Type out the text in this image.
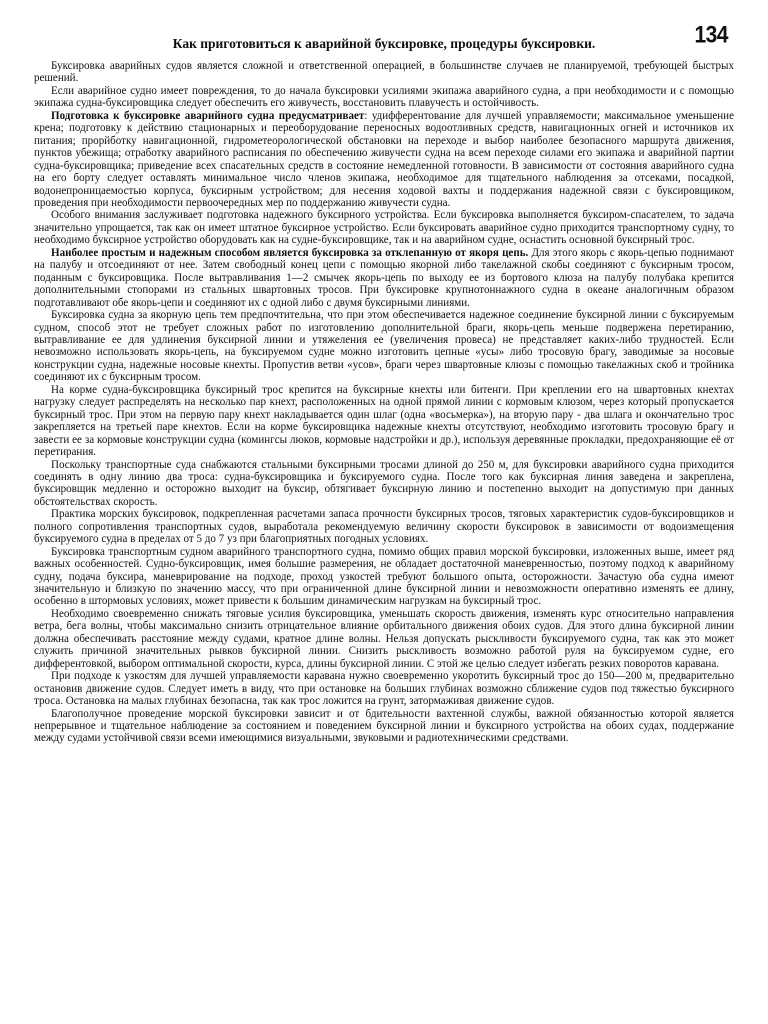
134
Как приготовиться к аварийной буксировке, процедуры буксировки.

Буксировка аварийных судов является сложной и ответственной операцией, в большинстве случаев не планируемой, требующей быстрых решений.

Если аварийное судно имеет повреждения, то до начала буксировки усилиями экипажа аварийного судна, а при необходимости и с помощью экипажа судна-буксировщика следует обеспечить его живучесть, восстановить плавучесть и остойчивость.

Подготовка к буксировке аварийного судна предусматривает: удифферентование для лучшей управляемости; максимальное уменьшение крена; подготовку к действию стационарных и переоборудование переносных водоотливных средств, навигационных огней и источников их питания; прорйботку навигационной, гидрометеорологической обстановки на переходе и выбор наиболее безопасного маршрута движения, пунктов убежища; отработку аварийного расписания по обеспечению живучести судна на всем переходе силами его экипажа и аварийной партии судна-буксировщика; приведение всех спасательных средств в состояние немедленной готовности. В зависимости от состояния аварийного судна на его борту следует оставлять минимальное число членов экипажа, необходимое для тщательного наблюдения за отсеками, посадкой, водонепроницаемостью корпуса, буксирным устройством; для несения ходовой вахты и поддержания надежной связи с буксировщиком, проведения при необходимости первоочередных мер по поддержанию живучести судна.

Особого внимания заслуживает подготовка надежного буксирного устройства. Если буксировка выполняется буксиром-спасателем, то задача значительно упрощается, так как он имеет штатное буксирное устройство. Если буксировать аварийное судно приходится транспортному судну, то необходимо буксирное устройство оборудовать как на судне-буксировщике, так и на аварийном судне, оснастить основной буксирный трос.

Наиболее простым и надежным способом является буксировка за отклепанную от якоря цепь. Для этого якорь с якорь-цепью поднимают на палубу и отсоединяют от нее. Затем свободный конец цепи с помощью якорной либо такелажной скобы соединяют с буксирным тросом, поданным с буксировщика. После вытравливания 1—2 смычек якорь-цепь по выходу ее из бортового клюза на палубу полубака крепится дополнительными стопорами из стальных швартовных тросов. При буксировке крупнотоннажного судна в океане аналогичным образом подготавливают обе якорь-цепи и соединяют их с одной либо с двумя буксирными линиями.

Буксировка судна за якорную цепь тем предпочтительна, что при этом обеспечивается надежное соединение буксирной линии с буксируемым судном, способ этот не требует сложных работ по изготовлению дополнительной браги, якорь-цепь меньше подвержена перетиранию, вытравливание ее для удлинения буксирной линии и утяжеления ее (увеличения провеса) не представляет каких-либо трудностей. Если невозможно использовать якорь-цепь, на буксируемом судне можно изготовить цепные «усы» либо тросовую брагу, заводимые за носовые конструкции судна, надежные носовые кнехты. Пропустив ветви «усов», браги через швартовные клюзы с помощью такелажных скоб и тройника соединяют их с буксирным тросом.

На корме судна-буксировщика буксирный трос крепится на буксирные кнехты или битенги. При креплении его на швартовных кнехтах нагрузку следует распределять на несколько пар кнехт, расположенных на одной прямой линии с кормовым клюзом, через который пропускается буксирный трос. При этом на первую пару кнехт накладывается один шлаг (одна «восьмерка»), на вторую пару - два шлага и окончательно трос закрепляется на третьей паре кнехтов. Если на корме буксировщика надежные кнехты отсутствуют, необходимо изготовить тросовую брагу и завести ее за кормовые конструкции судна (комингсы люков, кормовые надстройки и др.), используя деревянные прокладки, предохраняющие её от перетирания.

Поскольку транспортные суда снабжаются стальными буксирными тросами длиной до 250 м, для буксировки аварийного судна приходится соединять в одну линию два троса: судна-буксировщика и буксируемого судна. После того как буксирная линия заведена и закреплена, буксировщик медленно и осторожно выходит на буксир, обтягивает буксирную линию и постепенно выходит на допустимую при данных обстоятельствах скорость.

Практика морских буксировок, подкрепленная расчетами запаса прочности буксирных тросов, тяговых характеристик судов-буксировщиков и полного сопротивления транспортных судов, выработала рекомендуемую величину скорости буксировок в зависимости от водоизмещения буксируемого судна в пределах от 5 до 7 уз при благоприятных погодных условиях.

Буксировка транспортным судном аварийного транспортного судна, помимо общих правил морской буксировки, изложенных выше, имеет ряд важных особенностей. Судно-буксировщик, имея большие размерения, не обладает достаточной маневренностью, поэтому подход к аварийному судну, подача буксира, маневрирование на подходе, проход узкостей требуют большого опыта, осторожности. Зачастую оба судна имеют значительную и близкую по значению массу, что при ограниченной длине буксирной линии и невозможности оперативно изменять ее длину, особенно в штормовых условиях, может привести к большим динамическим нагрузкам на буксирный трос.

Необходимо своевременно снижать тяговые усилия буксировщика, уменьшать скорость движения, изменять курс относительно направления ветра, бега волны, чтобы максимально снизить отрицательное влияние орбитального движения обоих судов. Для этого длина буксирной линии должна обеспечивать расстояние между судами, кратное длине волны. Нельзя допускать рыскливости буксируемого судна, так как это может служить причиной значительных рывков буксирной линии. Снизить рыскливость возможно работой руля на буксируемом судне, его дифферентовкой, выбором оптимальной скорости, курса, длины буксирной линии. С этой же целью следует избегать резких поворотов каравана.

При подходе к узкостям для лучшей управляемости каравана нужно своевременно укоротить буксирный трос до 150—200 м, предварительно остановив движение судов. Следует иметь в виду, что при остановке на больших глубинах возможно сближение судов под тяжестью буксирного троса. Остановка на малых глубинах безопасна, так как трос ложится на грунт, затормаживая движение судов.

Благополучное проведение морской буксировки зависит и от бдительности вахтенной службы, важной обязанностью которой является непрерывное и тщательное наблюдение за состоянием и поведением буксирной линии и буксирного устройства на обоих судах, поддержание между судами устойчивой связи всеми имеющимися визуальными, звуковыми и радиотехническими средствами.
